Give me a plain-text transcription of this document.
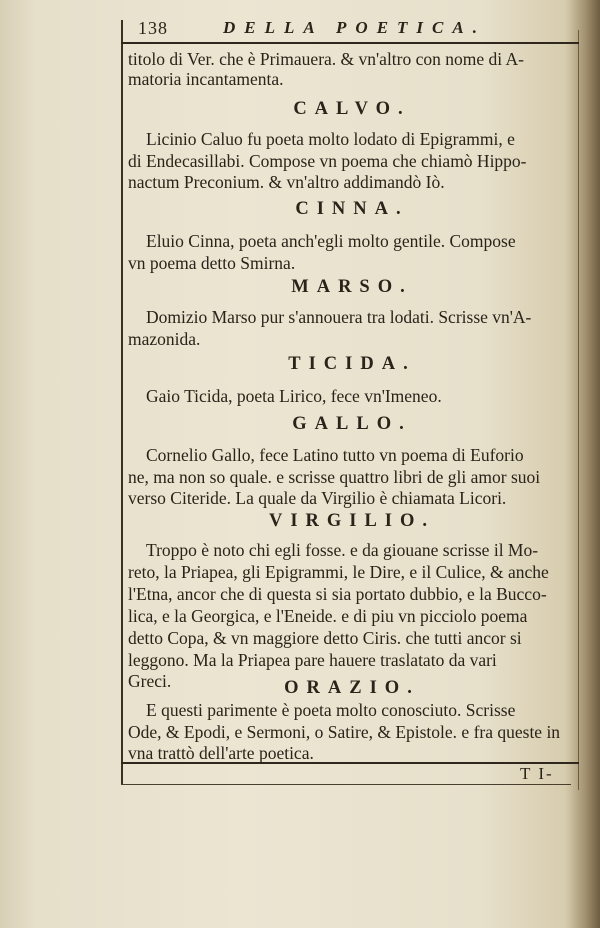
138	DELLA POETICA.
titolo di Ver. che è Primauera. & vn'altro con nome di A-
matoria incantamenta.
CALVO.
Licinio Caluo fu poeta molto lodato di Epigrammi, e
di Endecasillabi. Compose vn poema che chiamò Hippo-
nactum Preconium. & vn'altro addimandò Iò.
CINNA.
Eluio Cinna, poeta anch'egli molto gentile. Compose
vn poema detto Smirna.
MARSO.
Domizio Marso pur s'annouera tra lodati. Scrisse vn'A-
mazonida.
TICIDA.
Gaio Ticida, poeta Lirico, fece vn'Imeneo.
GALLO.
Cornelio Gallo, fece Latino tutto vn poema di Euforio
ne, ma non so quale. e scrisse quattro libri de gli amor suoi
verso Citeride. La quale da Virgilio è chiamata Licori.
VIRGILIO.
Troppo è noto chi egli fosse. e da giouane scrisse il Mo-
reto, la Priapea, gli Epigrammi, le Dire, e il Culice, & anche
l'Etna, ancor che di questa si sia portato dubbio, e la Bucco-
lica, e la Georgica, e l'Eneide. e di piu vn picciolo poema
detto Copa, & vn maggiore detto Ciris. che tutti ancor si
leggono. Ma la Priapea pare hauere traslatato da vari
Greci.	ORAZIO.
E questi parimente è poeta molto conosciuto. Scrisse
Ode, & Epodi, e Sermoni, o Satire, & Epistole. e fra queste in
vna trattò dell'arte poetica.
T I-
